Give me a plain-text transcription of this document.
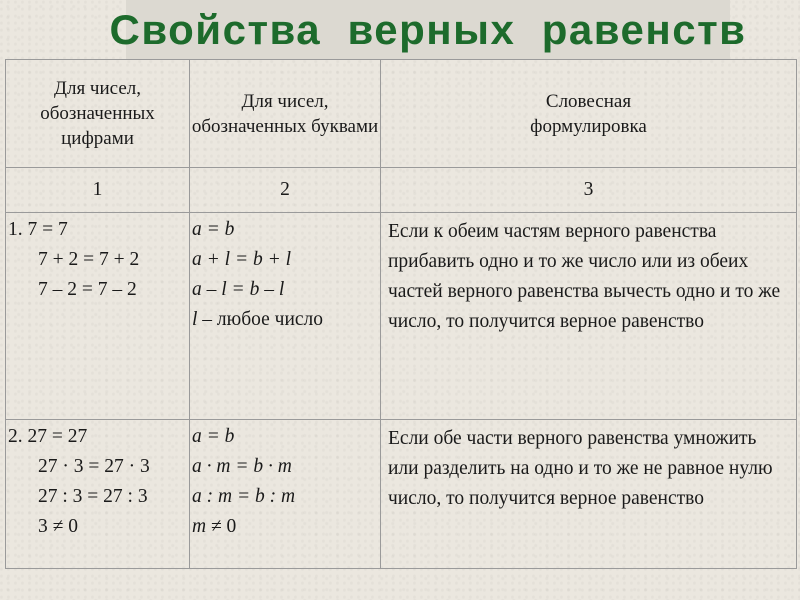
Свойства  верных  равенств
Для чисел, обозначенных цифрами	Для чисел, обозначенных буквами	Словесная формулировка

1	2	3

1. 7 = 7
7 + 2 = 7 + 2
7 – 2 = 7 – 2	a = b
a + l = b + l
a – l = b – l
l – любое число	Если к обеим частям верного равенства прибавить одно и то же число или из обеих частей верного равенства вычесть одно и то же число, то получится верное равенство

2. 27 = 27
27 · 3 = 27 · 3
27 : 3 = 27 : 3
3 ≠ 0	a = b
a · m = b · m
a : m = b : m
m ≠ 0	Если обе части верного равенства умножить или разделить на одно и то же не равное нулю число, то получится верное равенство
